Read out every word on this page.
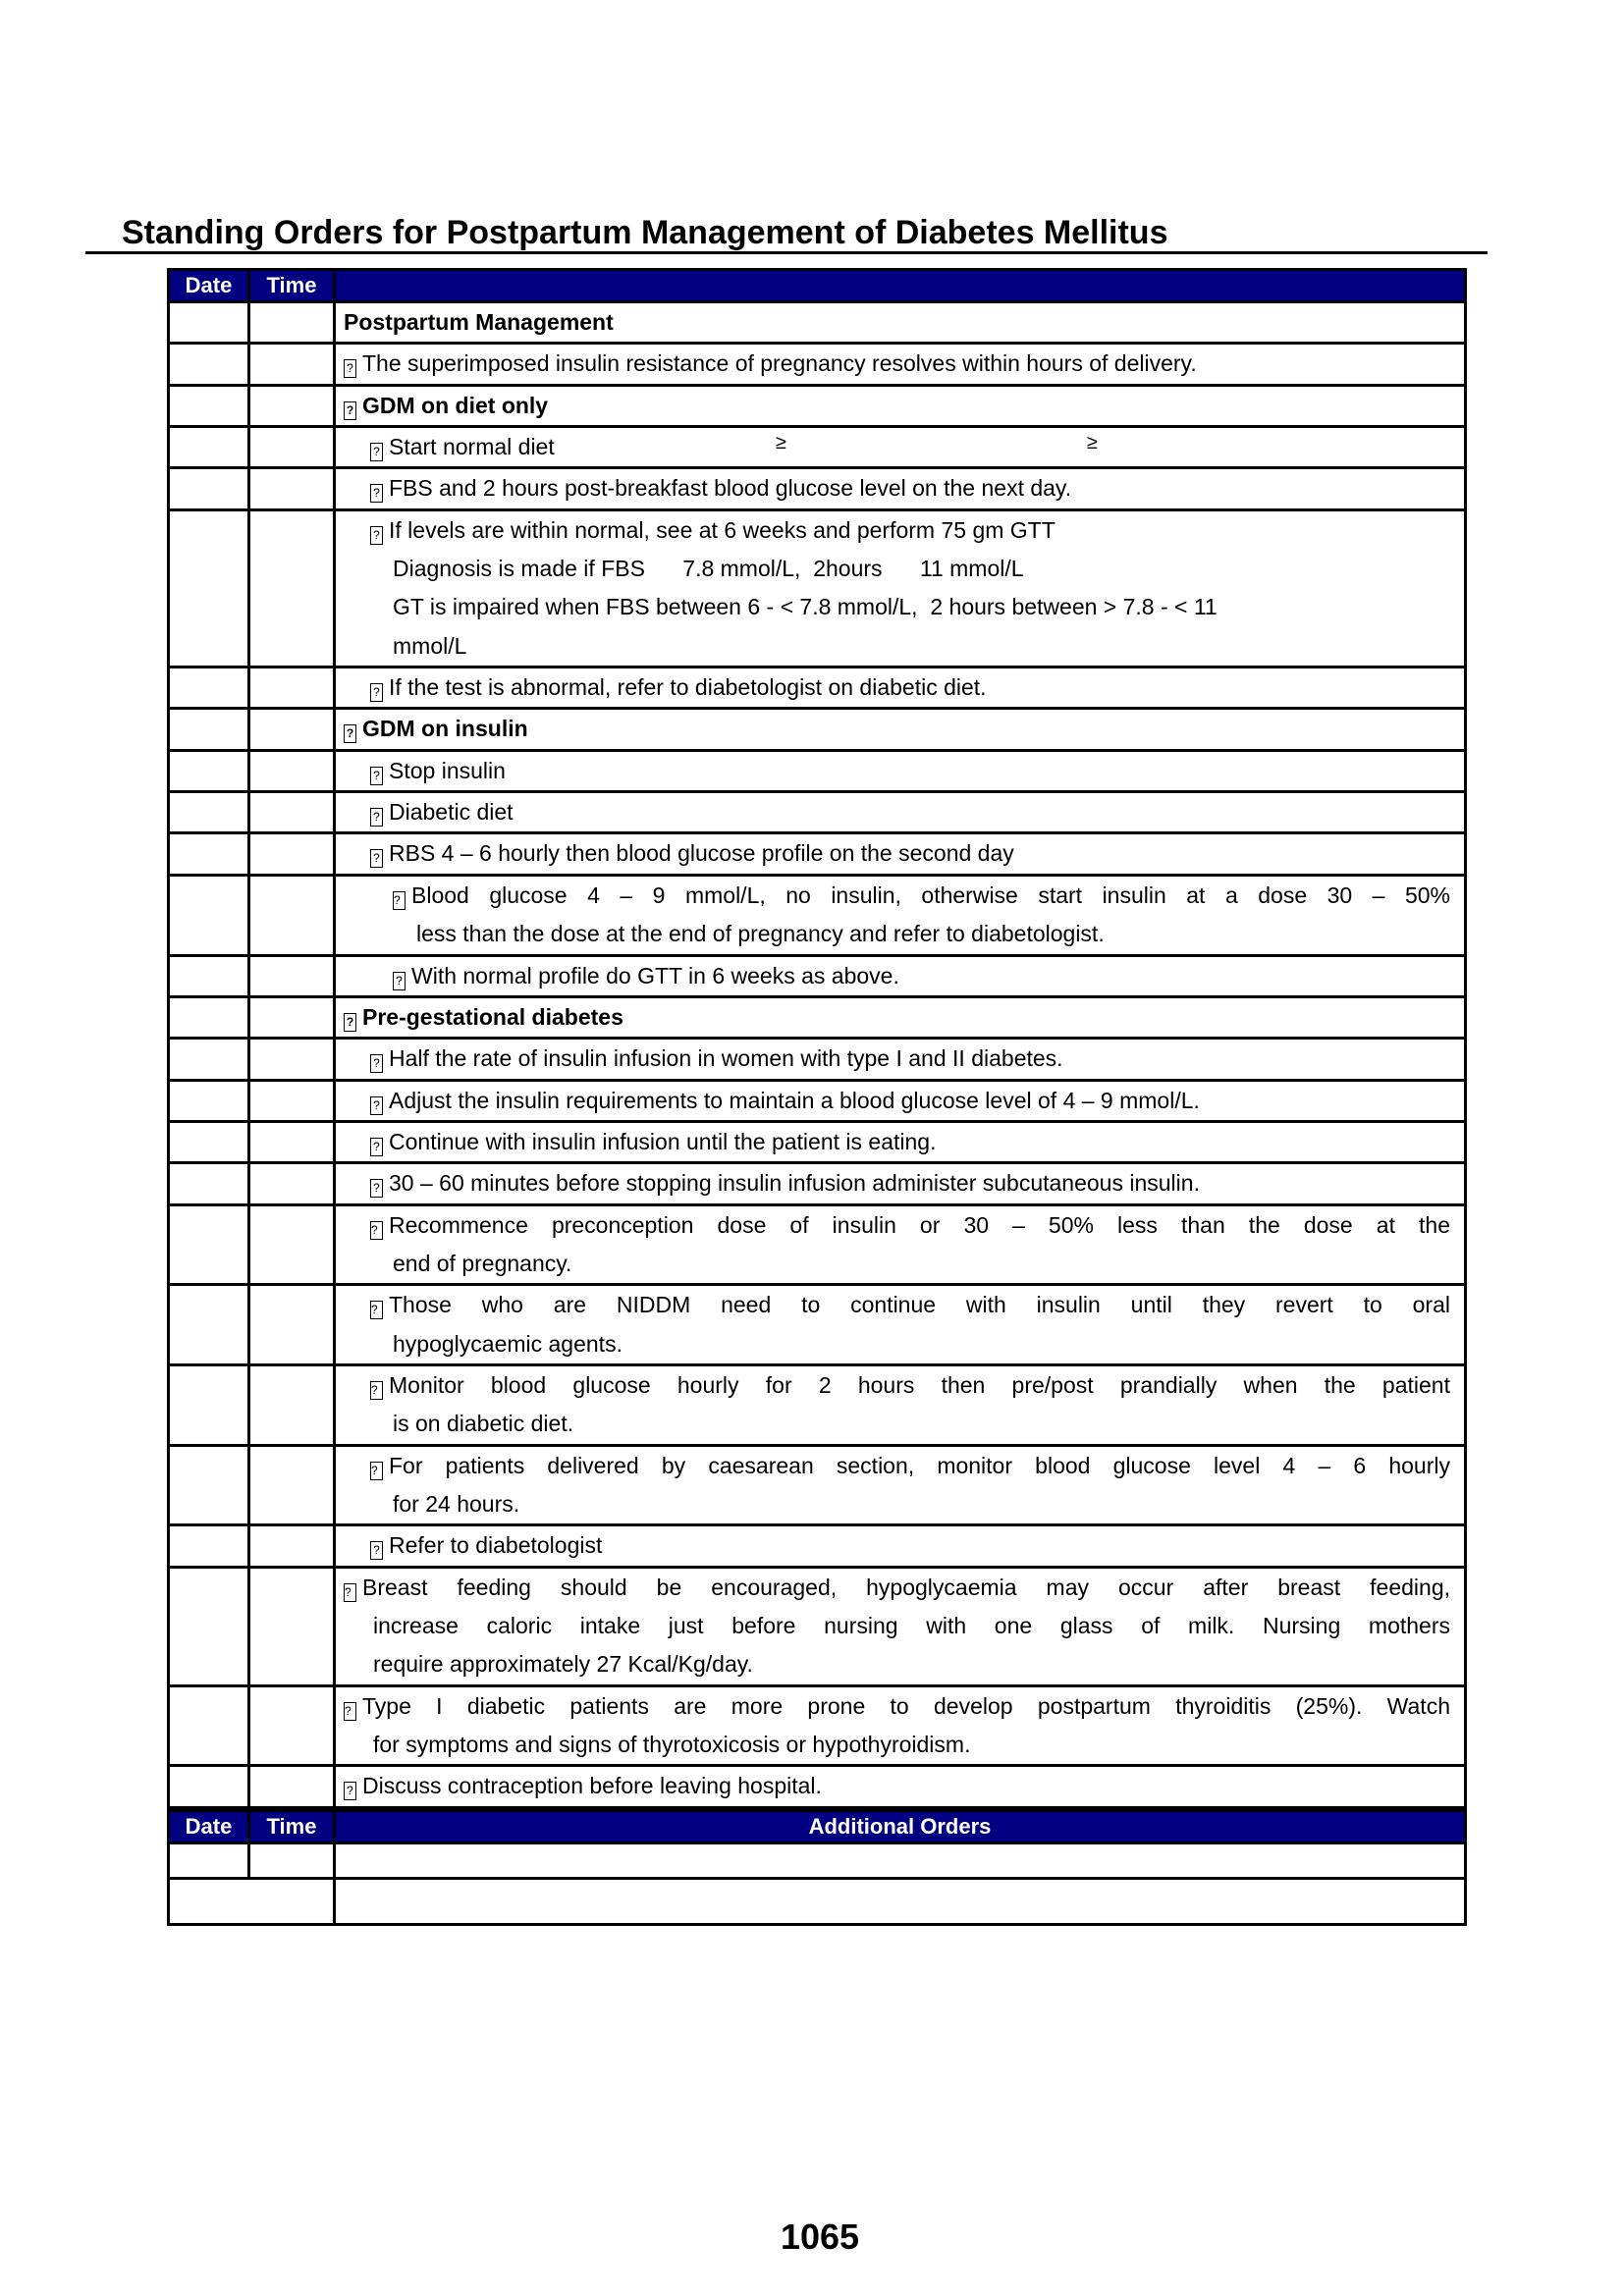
Standing Orders for Postpartum Management of Diabetes Mellitus
≥	≥
Date	Time
Postpartum Management
? The superimposed insulin resistance of pregnancy resolves within hours of delivery.
? GDM on diet only
? Start normal diet
? FBS and 2 hours post-breakfast blood glucose level on the next day.
? If levels are within normal, see at 6 weeks and perform 75 gm GTT
Diagnosis is made if FBS      7.8 mmol/L,  2hours      11 mmol/L
GT is impaired when FBS between 6 - < 7.8 mmol/L,  2 hours between > 7.8 - < 11
mmol/L
? If the test is abnormal, refer to diabetologist on diabetic diet.
? GDM on insulin
? Stop insulin
? Diabetic diet
? RBS 4 – 6 hourly then blood glucose profile on the second day
? Blood glucose 4 – 9 mmol/L, no insulin, otherwise start insulin at a dose 30 – 50%
less than the dose at the end of pregnancy and refer to diabetologist.
? With normal profile do GTT in 6 weeks as above.
? Pre-gestational diabetes
? Half the rate of insulin infusion in women with type I and II diabetes.
? Adjust the insulin requirements to maintain a blood glucose level of 4 – 9 mmol/L.
? Continue with insulin infusion until the patient is eating.
? 30 – 60 minutes before stopping insulin infusion administer subcutaneous insulin.
? Recommence preconception dose of insulin or 30 – 50% less than the dose at the
end of pregnancy.
? Those who are NIDDM need to continue with insulin until they revert to oral
hypoglycaemic agents.
? Monitor blood glucose hourly for 2 hours then pre/post prandially when the patient
is on diabetic diet.
? For patients delivered by caesarean section, monitor blood glucose level 4 – 6 hourly
for 24 hours.
? Refer to diabetologist
? Breast feeding should be encouraged, hypoglycaemia may occur after breast feeding,
increase caloric intake just before nursing with one glass of milk. Nursing mothers
require approximately 27 Kcal/Kg/day.
? Type I diabetic patients are more prone to develop postpartum thyroiditis (25%). Watch
for symptoms and signs of thyrotoxicosis or hypothyroidism.
? Discuss contraception before leaving hospital.
Date	Time	Additional Orders
1065
